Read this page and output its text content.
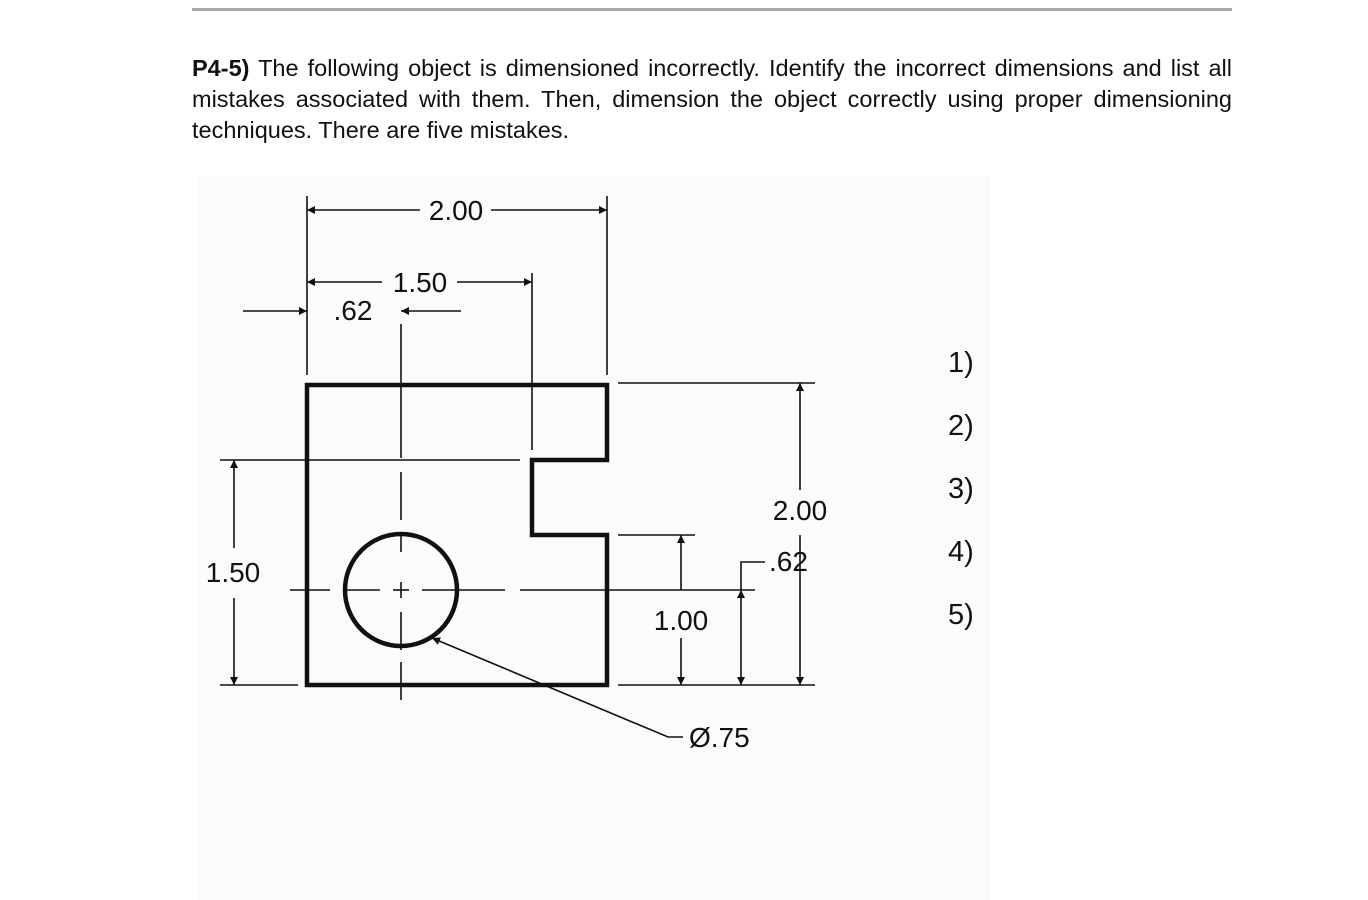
P4-5) The following object is dimensioned incorrectly. Identify the incorrect dimensions and list all mistakes associated with them. Then, dimension the object correctly using proper dimensioning techniques. There are five mistakes.

2.00
1.50
.62
1.50
2.00
.62
1.00
Ø.75
1)
2)
3)
4)
5)
